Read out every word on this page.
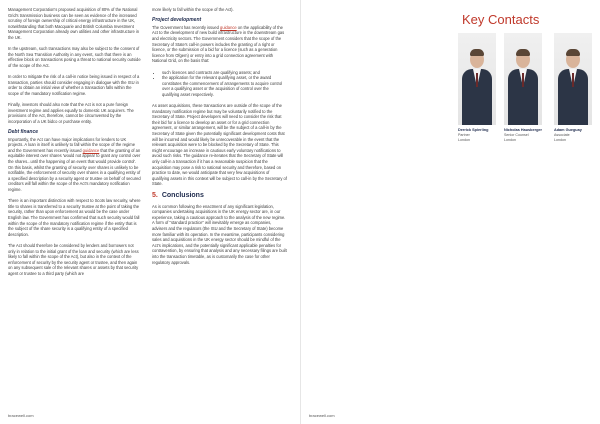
Management Corporation's proposed acquisition of 80% of the National Grid's transmission business can be seen as evidence of the increased scrutiny of foreign ownership of critical energy infrastructure in the UK, notwithstanding that both Macquarie and British Columbia Investment Management Corporation already own utilities and other infrastructure in the UK.

In the upstream, such transactions may also be subject to the consent of the North Sea Transition Authority in any event, such that there is an effective block on transactions posing a threat to national security outside of the scope of the Act.

In order to mitigate the risk of a call-in notice being issued in respect of a transaction, parties should consider engaging in dialogue with the ISU in order to obtain an initial view of whether a transaction falls within the scope of the mandatory notification regime.

Finally, investors should also note that the Act is not a pure foreign investment regime and applies equally to domestic UK acquirers. The provisions of the Act, therefore, cannot be circumvented by the incorporation of a UK bidco or purchase entity.

Debt finance

Importantly, the Act can have major implications for lenders to UK projects. A loan in itself is unlikely to fall within the scope of the regime and the Government has recently issued guidance that the granting of an equitable interest over shares 'would not appear to grant any control over the shares...until the happening of an event that would provide control'. On this basis, whilst the granting of security over shares is unlikely to be notifiable, the enforcement of security over shares in a qualifying entity of a specified description by a security agent or trustee on behalf of secured creditors will fall within the scope of the Act's mandatory notification regime.

There is an important distinction with respect to Scots law security, where title to shares is transferred to a security trustee at the point of taking the security, rather than upon enforcement as would be the case under English law. The Government has confirmed that such security would fall within the scope of the mandatory notification regime if the entity that is the subject of the share security is a qualifying entity of a specified description.

The Act should therefore be considered by lenders and borrowers not only in relation to the initial grant of the loan and security (which are less likely to fall within the scope of the Act), but also in the context of the enforcement of security by the security agent or trustee, and then again on any subsequent sale of the relevant shares or assets by that security agent or trustee to a third party (which are

more likely to fall within the scope of the Act).

Project development

The Government has recently issued guidance on the applicability of the Act to the development of new build infrastructure in the downstream gas and electricity sectors. The Government considers that the scope of the Secretary of State's call-in powers includes the granting of a right or licence, or the submission of a bid for a licence (such as a generation licence from Ofgem) or entry into a grid connection agreement with National Grid, on the basis that:

• such licences and contracts are qualifying assets; and
• the application for the relevant qualifying asset, or the award constitutes the commencement of arrangements to acquire control over a qualifying asset or the acquisition of control over the qualifying asset respectively.

As asset acquisitions, these transactions are outside of the scope of the mandatory notification regime but may be voluntarily notified to the Secretary of State. Project developers will need to consider the risk that their bid for a licence to develop an asset or for a grid connection agreement, or similar arrangement, will be the subject of a call-in by the Secretary of State given the potentially significant development costs that will be incurred and would likely be unrecoverable in the event that the relevant acquisition were to be blocked by the Secretary of State. This might encourage an increase in cautious early voluntary notifications to avoid such risks. The guidance re-iterates that the Secretary of State will only call-in a transaction if it has a reasonable suspicion that the acquisition may pose a risk to national security and therefore, based on practice to date, we would anticipate that very few acquisitions of qualifying assets in this context will be subject to call-in by the Secretary of State.

5. Conclusions

As is common following the enactment of any significant legislation, companies undertaking acquisitions in the UK energy sector are, in our experience, taking a cautious approach to the analysis of the new regime. A form of "standard practice" will inevitably emerge as companies, advisers and the regulators (the ISU and the Secretary of State) become more familiar with its operation. In the meantime, participants considering sales and acquisitions in the UK energy sector should be mindful of the Act's implications, and the potentially significant applicable penalties for contravention, by ensuring that analysis and any necessary filings are built into the transaction timetable, as is customarily the case for other regulatory approvals.

bracewell.com
Key Contacts
Derrick Spierling
Partner
London
Nicholas Hausberger
Senior Counsel
London
Adam Gueguay
Associate
London
bracewell.com
